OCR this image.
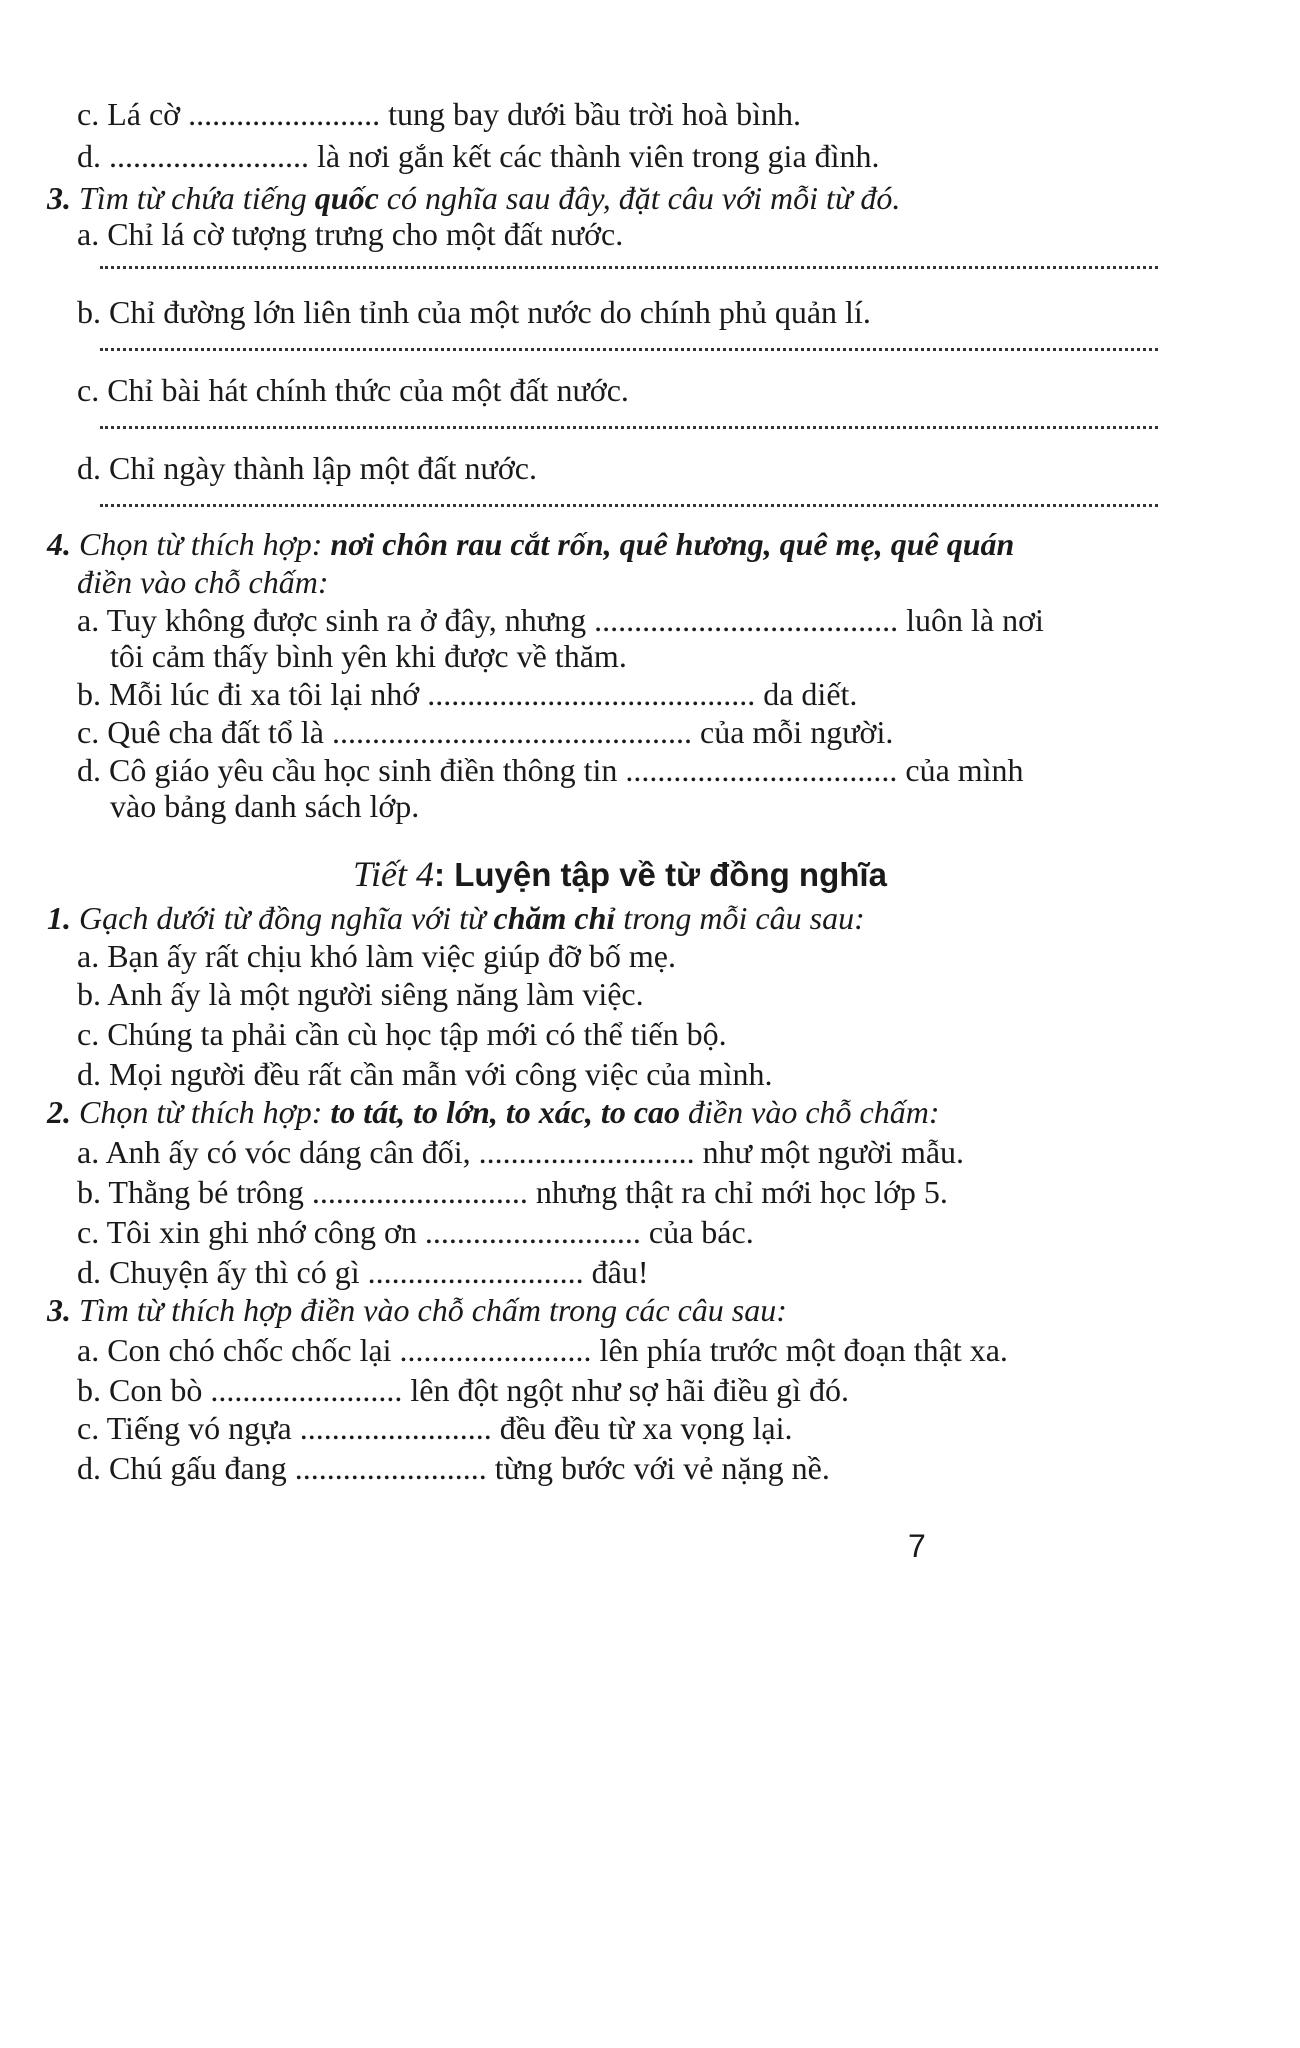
c. Lá cờ ........................ tung bay dưới bầu trời hoà bình.
d. ......................... là nơi gắn kết các thành viên trong gia đình.
3. Tìm từ chứa tiếng quốc có nghĩa sau đây, đặt câu với mỗi từ đó.
a. Chỉ lá cờ tượng trưng cho một đất nước.
b. Chỉ đường lớn liên tỉnh của một nước do chính phủ quản lí.
c. Chỉ bài hát chính thức của một đất nước.
d. Chỉ ngày thành lập một đất nước.
4. Chọn từ thích hợp: nơi chôn rau cắt rốn, quê hương, quê mẹ, quê quán
điền vào chỗ chấm:
a. Tuy không được sinh ra ở đây, nhưng ...................................... luôn là nơi
tôi cảm thấy bình yên khi được về thăm.
b. Mỗi lúc đi xa tôi lại nhớ ......................................... da diết.
c. Quê cha đất tổ là ............................................. của mỗi người.
d. Cô giáo yêu cầu học sinh điền thông tin .................................. của mình
vào bảng danh sách lớp.
Tiết 4: Luyện tập về từ đồng nghĩa
1. Gạch dưới từ đồng nghĩa với từ chăm chỉ trong mỗi câu sau:
a. Bạn ấy rất chịu khó làm việc giúp đỡ bố mẹ.
b. Anh ấy là một người siêng năng làm việc.
c. Chúng ta phải cần cù học tập mới có thể tiến bộ.
d. Mọi người đều rất cần mẫn với công việc của mình.
2. Chọn từ thích hợp: to tát, to lớn, to xác, to cao điền vào chỗ chấm:
a. Anh ấy có vóc dáng cân đối, ........................... như một người mẫu.
b. Thằng bé trông ........................... nhưng thật ra chỉ mới học lớp 5.
c. Tôi xin ghi nhớ công ơn ........................... của bác.
d. Chuyện ấy thì có gì ........................... đâu!
3. Tìm từ thích hợp điền vào chỗ chấm trong các câu sau:
a. Con chó chốc chốc lại ........................ lên phía trước một đoạn thật xa.
b. Con bò ........................ lên đột ngột như sợ hãi điều gì đó.
c. Tiếng vó ngựa ........................ đều đều từ xa vọng lại.
d. Chú gấu đang ........................ từng bước với vẻ nặng nề.
7
